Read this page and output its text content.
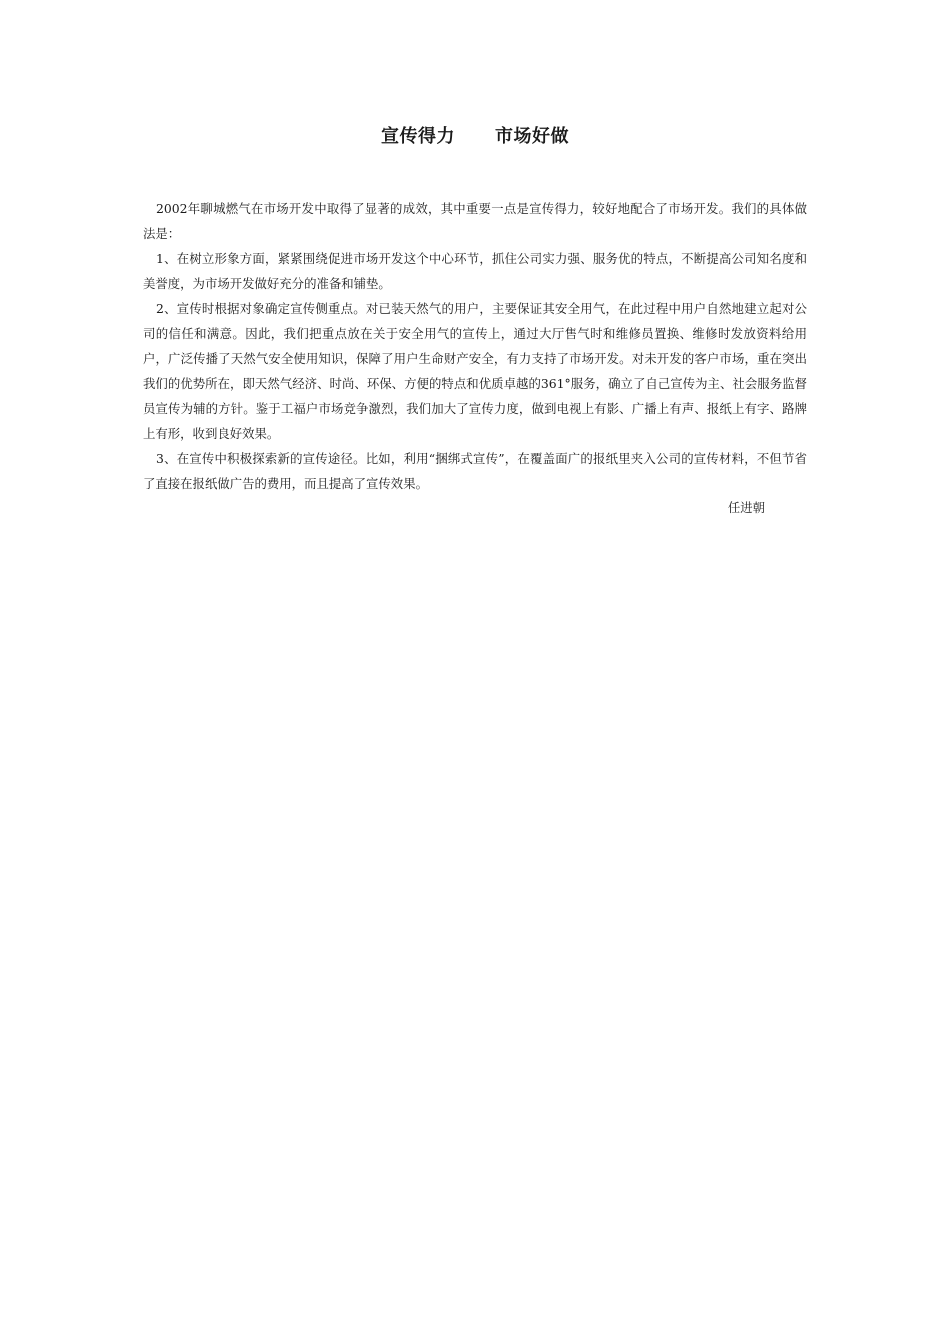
宣传得力 市场好做

2002年聊城燃气在市场开发中取得了显著的成效，其中重要一点是宣传得力，较好地配合了市场开发。我们的具体做法是：

1、在树立形象方面，紧紧围绕促进市场开发这个中心环节，抓住公司实力强、服务优的特点，不断提高公司知名度和美誉度，为市场开发做好充分的准备和铺垫。

2、宣传时根据对象确定宣传侧重点。对已装天然气的用户，主要保证其安全用气，在此过程中用户自然地建立起对公司的信任和满意。因此，我们把重点放在关于安全用气的宣传上，通过大厅售气时和维修员置换、维修时发放资料给用户，广泛传播了天然气安全使用知识，保障了用户生命财产安全，有力支持了市场开发。对未开发的客户市场，重在突出我们的优势所在，即天然气经济、时尚、环保、方便的特点和优质卓越的361°服务，确立了自己宣传为主、社会服务监督员宣传为辅的方针。鉴于工福户市场竞争激烈，我们加大了宣传力度，做到电视上有影、广播上有声、报纸上有字、路牌上有形，收到良好效果。

3、在宣传中积极探索新的宣传途径。比如，利用“捆绑式宣传”，在覆盖面广的报纸里夹入公司的宣传材料，不但节省了直接在报纸做广告的费用，而且提高了宣传效果。

任进朝
